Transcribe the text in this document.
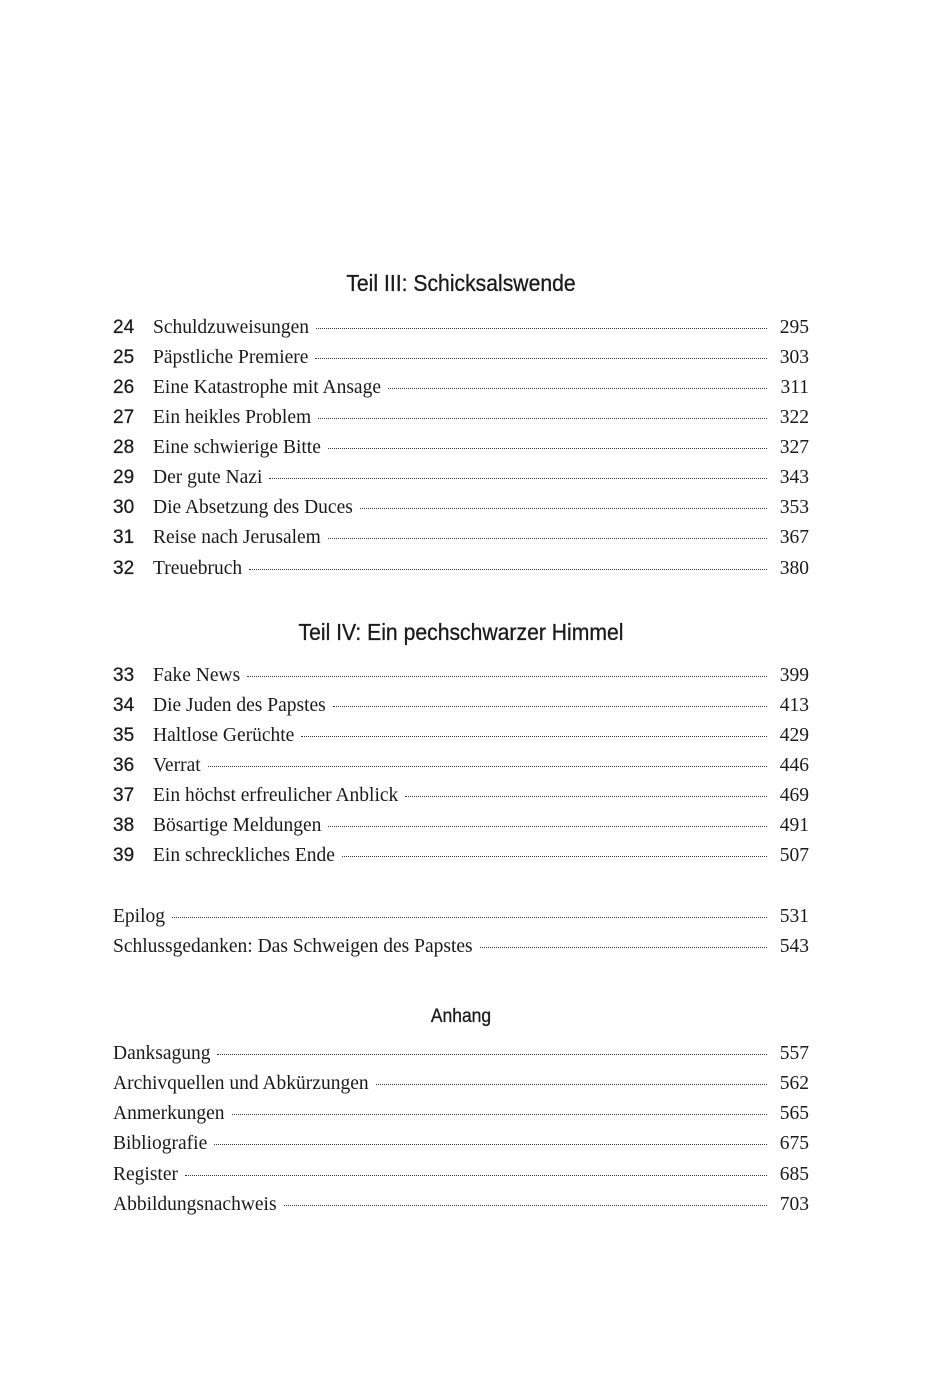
Teil III: Schicksalswende
24 Schuldzuweisungen	295
25 Päpstliche Premiere	303
26 Eine Katastrophe mit Ansage	311
27 Ein heikles Problem	322
28 Eine schwierige Bitte	327
29 Der gute Nazi	343
30 Die Absetzung des Duces	353
31 Reise nach Jerusalem	367
32 Treuebruch	380
Teil IV: Ein pechschwarzer Himmel
33 Fake News	399
34 Die Juden des Papstes	413
35 Haltlose Gerüchte	429
36 Verrat	446
37 Ein höchst erfreulicher Anblick	469
38 Bösartige Meldungen	491
39 Ein schreckliches Ende	507
Epilog	531
Schlussgedanken: Das Schweigen des Papstes	543
Anhang
Danksagung	557
Archivquellen und Abkürzungen	562
Anmerkungen	565
Bibliografie	675
Register	685
Abbildungsnachweis	703
